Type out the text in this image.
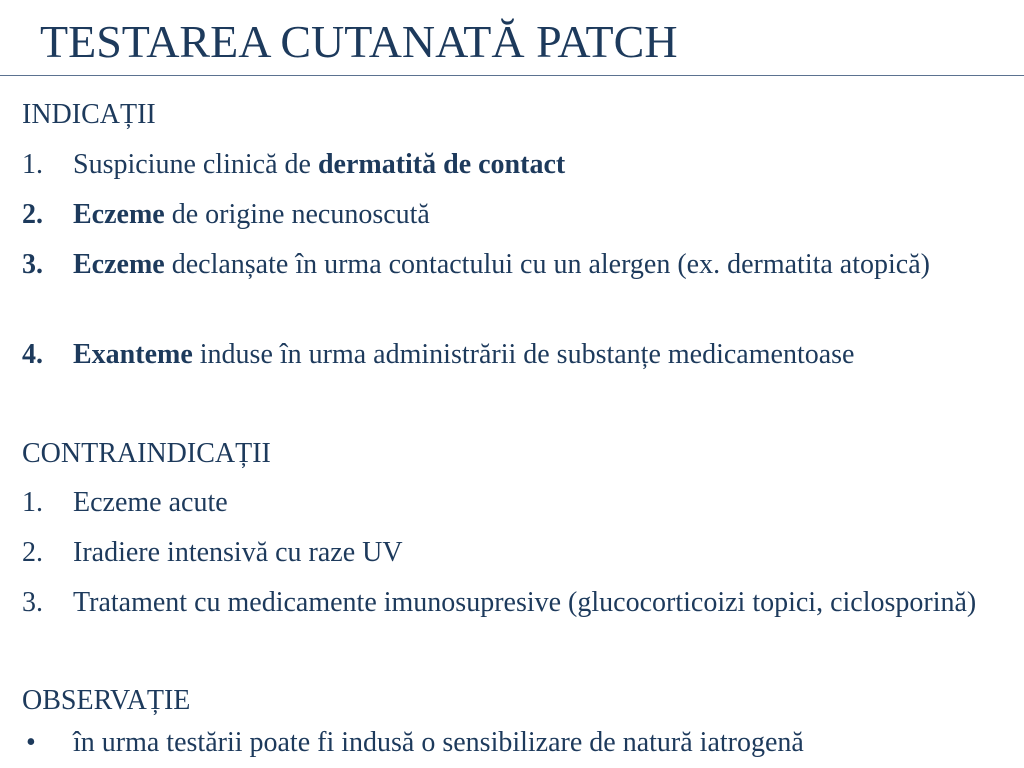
TESTAREA CUTANATĂ PATCH
INDICAȚII
1.	Suspiciune clinică de dermatită de contact
2.	Eczeme de origine necunoscută
3.	Eczeme declanșate în urma contactului cu un alergen (ex. dermatita atopică)
4.	Exanteme induse în urma administrării de substanțe medicamentoase
CONTRAINDICAȚII
1.	Eczeme acute
2.	Iradiere intensivă cu raze UV
3.	Tratament cu medicamente imunosupresive (glucocorticoizi topici, ciclosporină)
OBSERVAȚIE
•	în urma testării poate fi indusă o sensibilizare de natură iatrogenă
